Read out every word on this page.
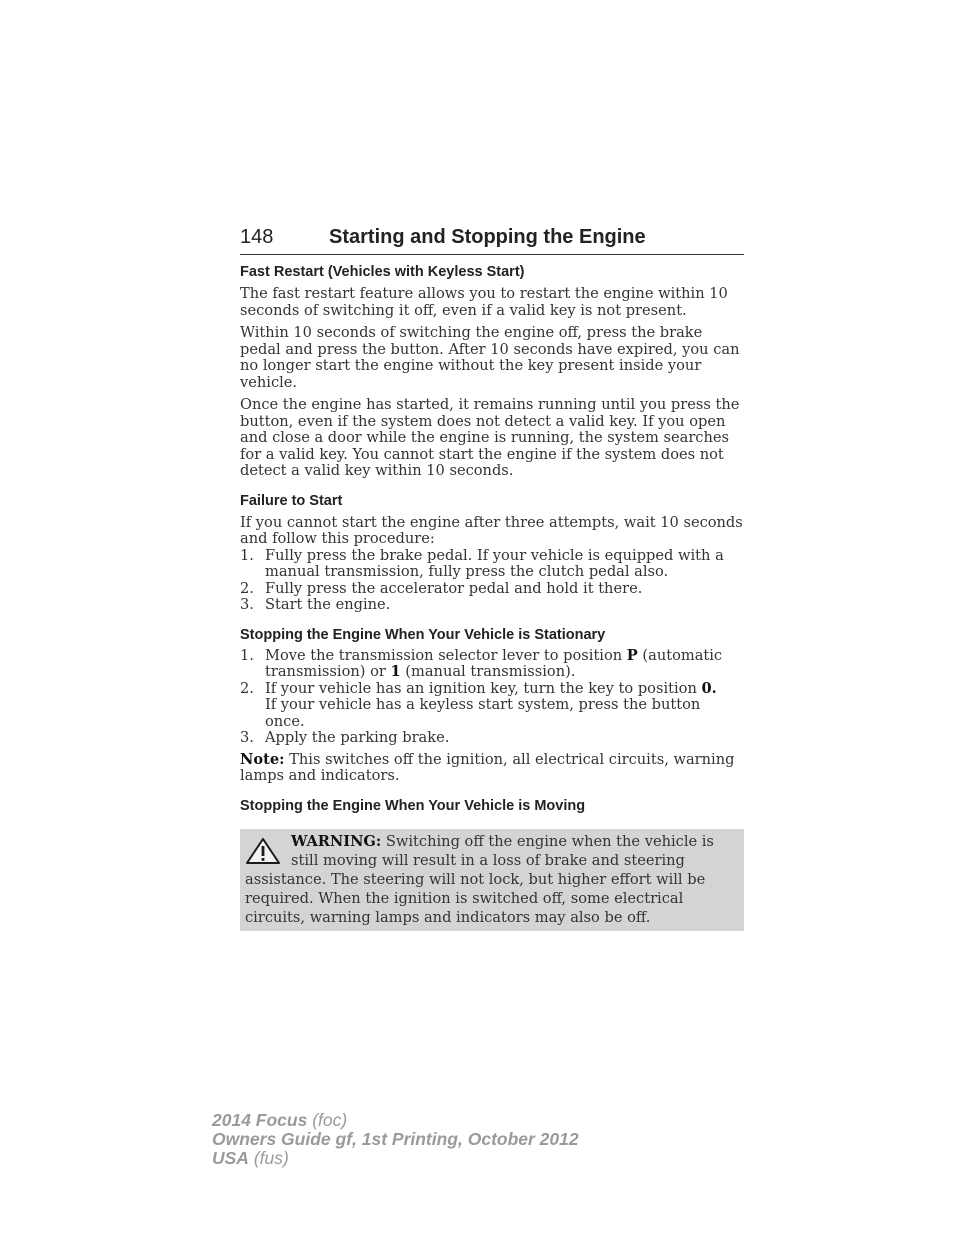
148	Starting and Stopping the Engine
Fast Restart (Vehicles with Keyless Start)

The fast restart feature allows you to restart the engine within 10 seconds of switching it off, even if a valid key is not present.

Within 10 seconds of switching the engine off, press the brake pedal and press the button. After 10 seconds have expired, you can no longer start the engine without the key present inside your vehicle.

Once the engine has started, it remains running until you press the button, even if the system does not detect a valid key. If you open and close a door while the engine is running, the system searches for a valid key. You cannot start the engine if the system does not detect a valid key within 10 seconds.

Failure to Start

If you cannot start the engine after three attempts, wait 10 seconds and follow this procedure:

1. Fully press the brake pedal. If your vehicle is equipped with a manual transmission, fully press the clutch pedal also.
2. Fully press the accelerator pedal and hold it there.
3. Start the engine.
Stopping the Engine When Your Vehicle is Stationary
1. Move the transmission selector lever to position P (automatic transmission) or 1 (manual transmission).
2. If your vehicle has an ignition key, turn the key to position 0.
If your vehicle has a keyless start system, press the button once.
3. Apply the parking brake.

Note: This switches off the ignition, all electrical circuits, warning lamps and indicators.

Stopping the Engine When Your Vehicle is Moving

WARNING: Switching off the engine when the vehicle is still moving will result in a loss of brake and steering assistance. The steering will not lock, but higher effort will be required. When the ignition is switched off, some electrical circuits, warning lamps and indicators may also be off.

2014 Focus (foc)
Owners Guide gf, 1st Printing, October 2012
USA (fus)
